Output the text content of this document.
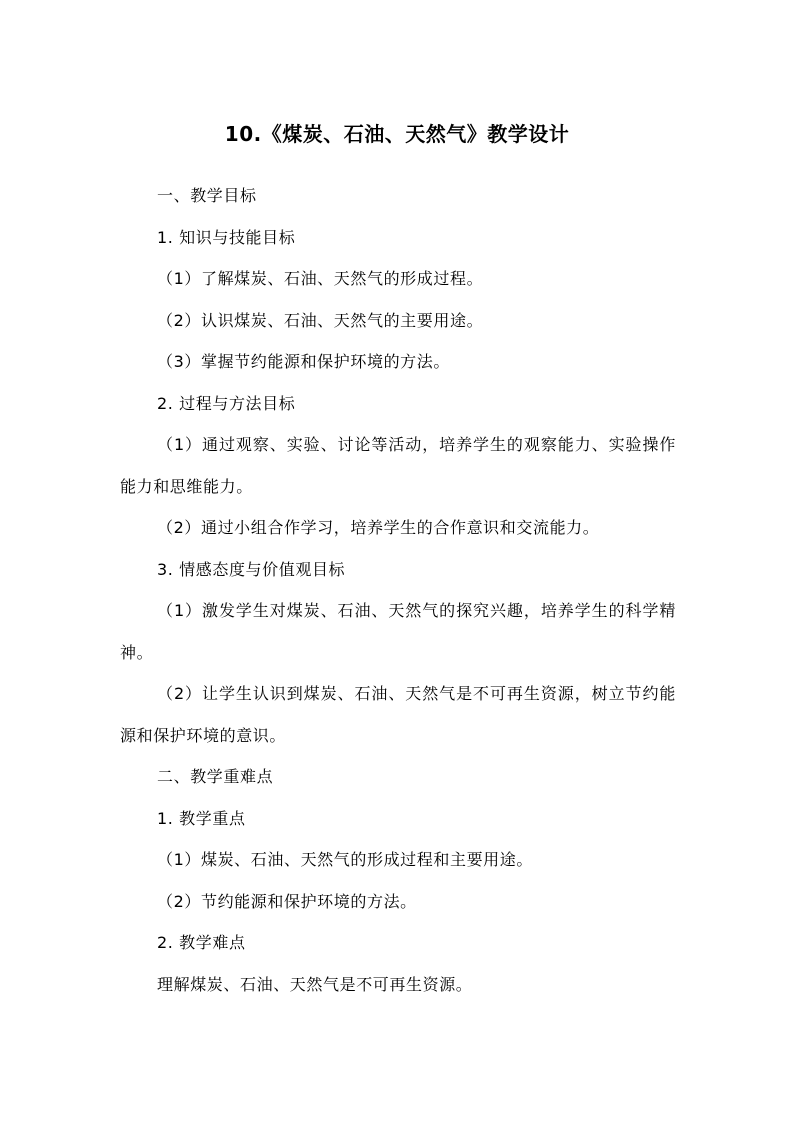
10.《煤炭、石油、天然气》教学设计

一、教学目标

1. 知识与技能目标

（1）了解煤炭、石油、天然气的形成过程。

（2）认识煤炭、石油、天然气的主要用途。

（3）掌握节约能源和保护环境的方法。

2. 过程与方法目标

（1）通过观察、实验、讨论等活动，培养学生的观察能力、实验操作能力和思维能力。

（2）通过小组合作学习，培养学生的合作意识和交流能力。

3. 情感态度与价值观目标

（1）激发学生对煤炭、石油、天然气的探究兴趣，培养学生的科学精神。

（2）让学生认识到煤炭、石油、天然气是不可再生资源，树立节约能源和保护环境的意识。

二、教学重难点

1. 教学重点

（1）煤炭、石油、天然气的形成过程和主要用途。

（2）节约能源和保护环境的方法。

2. 教学难点

理解煤炭、石油、天然气是不可再生资源。
